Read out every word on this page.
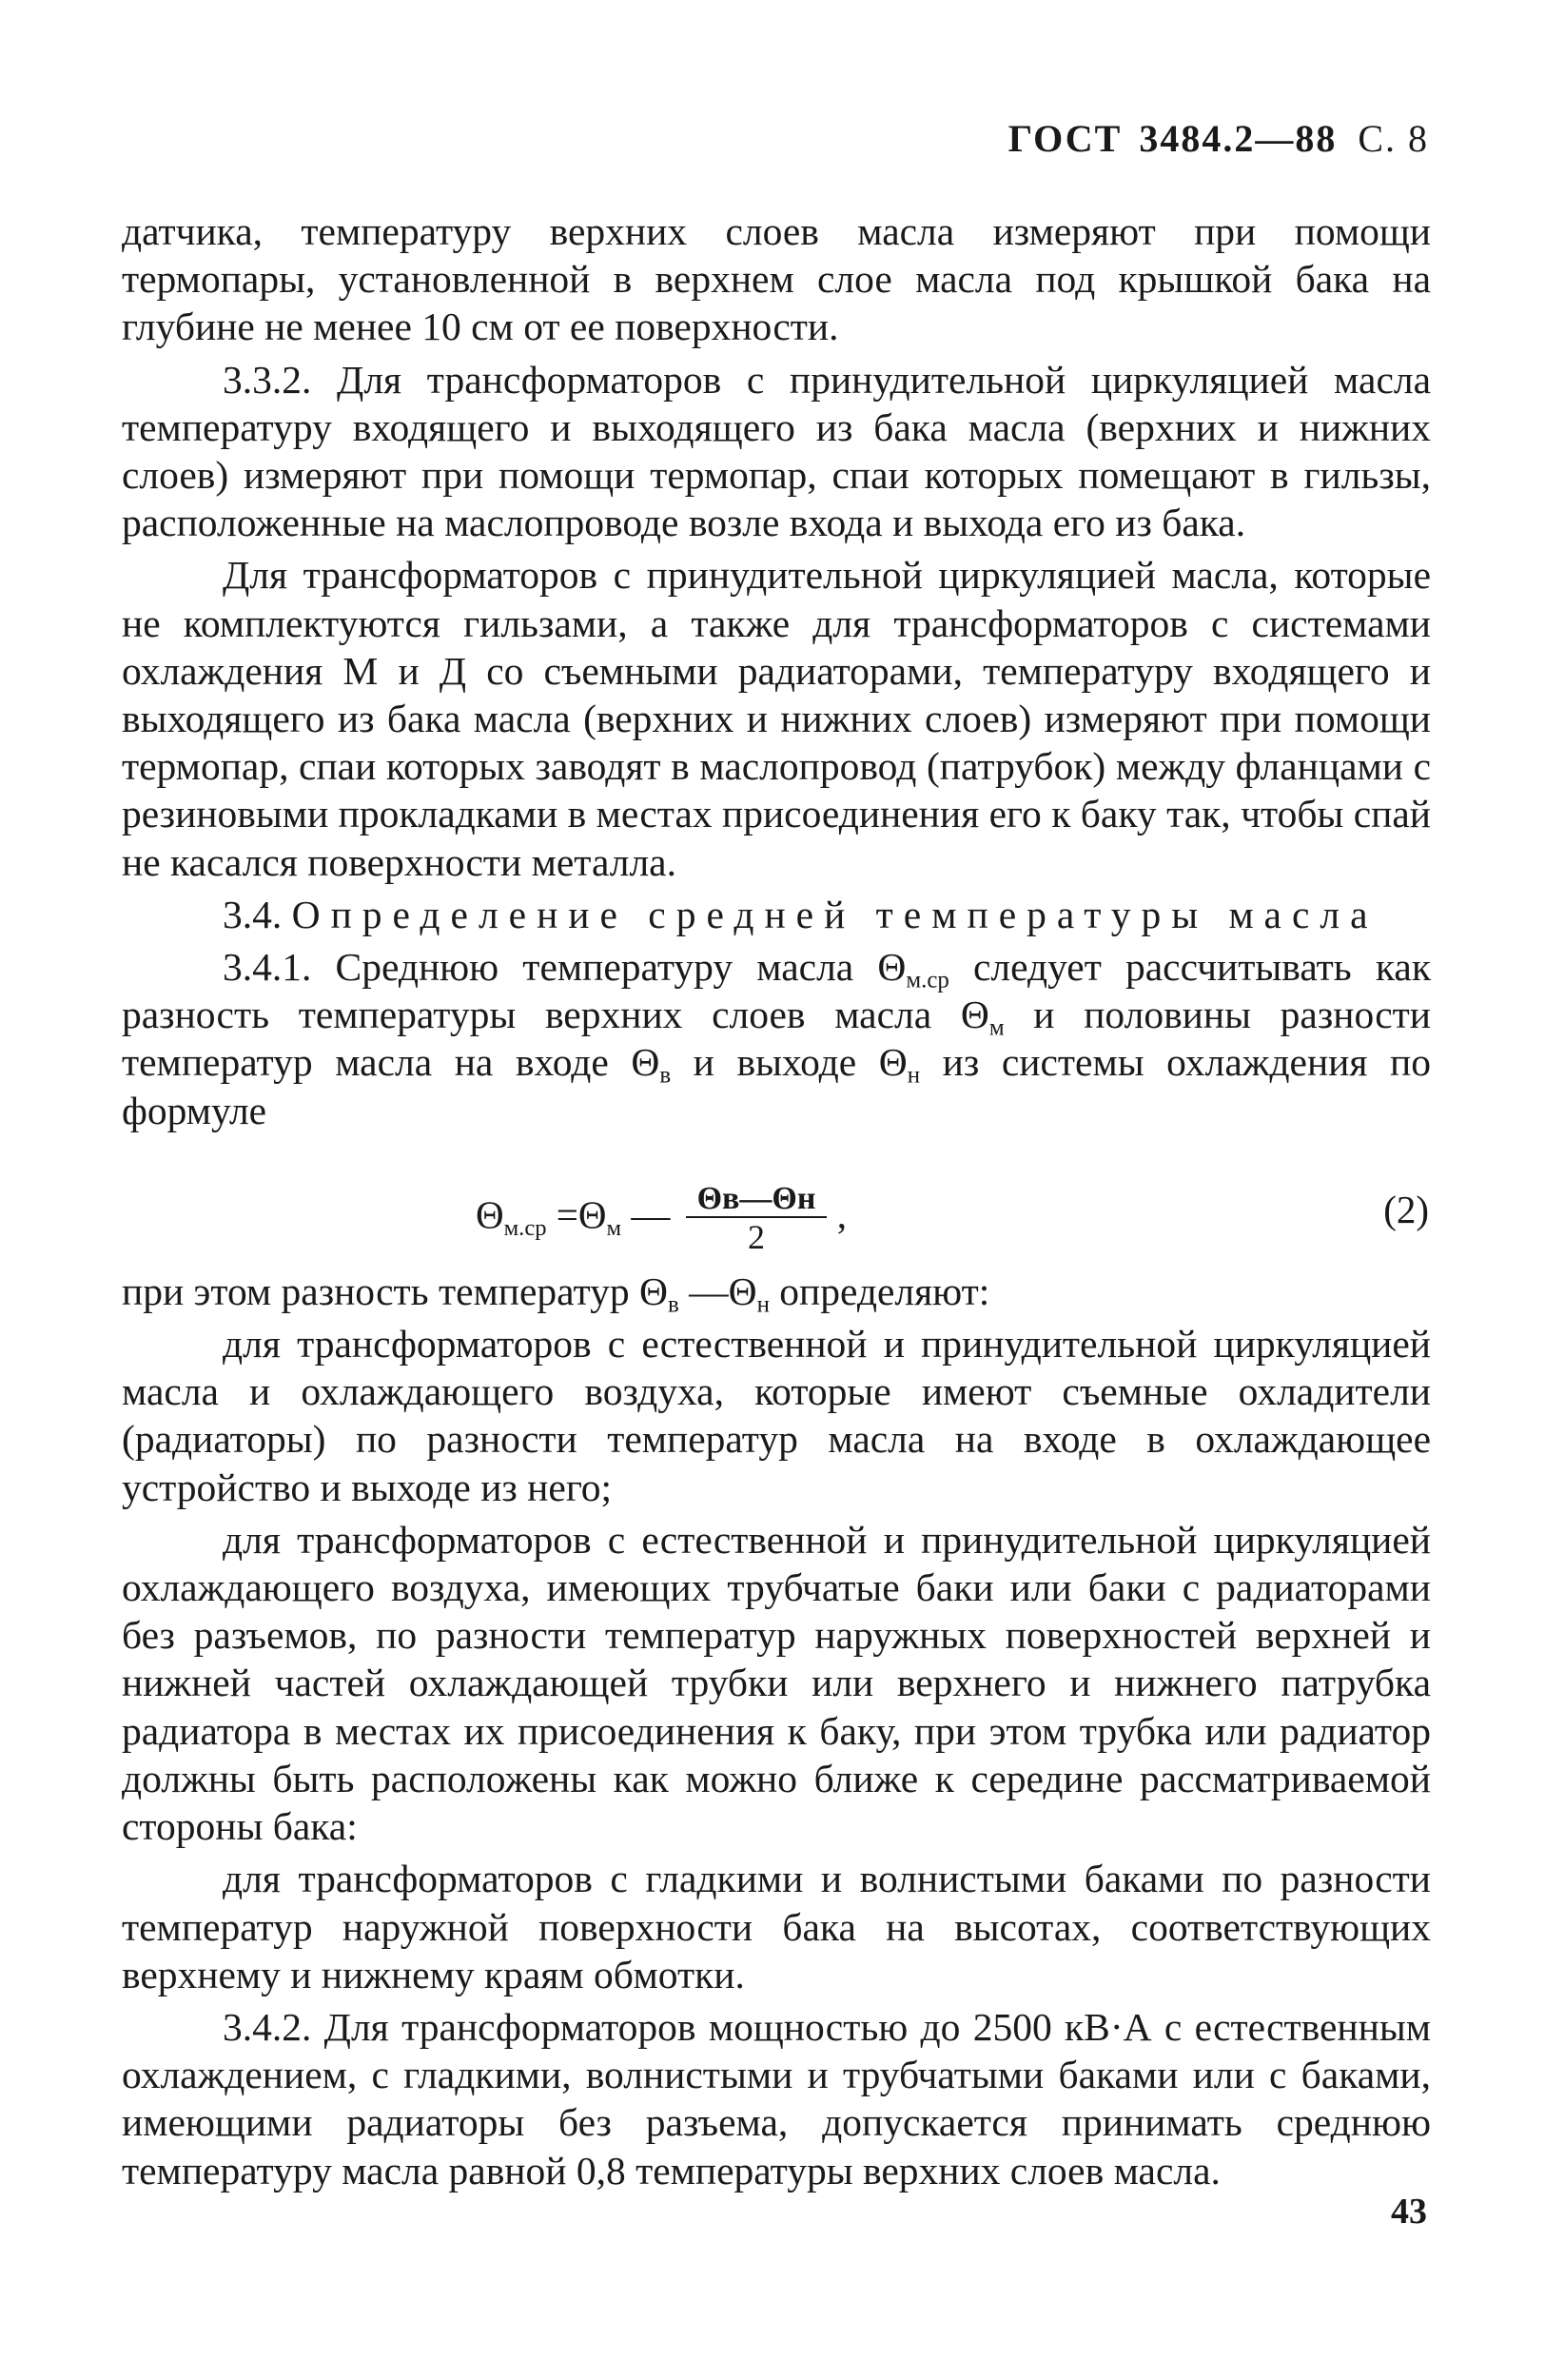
ГОСТ 3484.2—88 С. 8

датчика, температуру верхних слоев масла измеряют при помощи термопары, установленной в верхнем слое масла под крышкой бака на глубине не менее 10 см от ее поверхности.

3.3.2. Для трансформаторов с принудительной циркуляцией масла температуру входящего и выходящего из бака масла (верхних и нижних слоев) измеряют при помощи термопар, спаи которых помещают в гильзы, расположенные на маслопроводе возле входа и выхода его из бака.

Для трансформаторов с принудительной циркуляцией масла, которые не комплектуются гильзами, а также для трансформаторов с системами охлаждения М и Д со съемными радиаторами, температуру входящего и выходящего из бака масла (верхних и нижних слоев) измеряют при помощи термопар, спаи которых заводят в маслопровод (патрубок) между фланцами с резиновыми прокладками в местах присоединения его к баку так, чтобы спай не касался поверхности металла.

3.4. Определение средней температуры масла

3.4.1. Среднюю температуру масла $\Theta_{м.ср}$ следует рассчитывать как разность температуры верхних слоев масла $\Theta_м$ и половины разности температур масла на входе $\Theta_в$ и выходе $\Theta_н$ из системы охлаждения по формуле

$\Theta_{м.ср} =\Theta_м$ — $\frac{\Theta в—\Theta н}{2}$ ,	(2)

при этом разность температур $\Theta_в$ $—\Theta_н$ определяют:

для трансформаторов с естественной и принудительной циркуляцией масла и охлаждающего воздуха, которые имеют съемные охладители (радиаторы) по разности температур масла на входе в охлаждающее устройство и выходе из него;

для трансформаторов с естественной и принудительной циркуляцией охлаждающего воздуха, имеющих трубчатые баки или баки с радиаторами без разъемов, по разности температур наружных поверхностей верхней и нижней частей охлаждающей трубки или верхнего и нижнего патрубка радиатора в местах их присоединения к баку, при этом трубка или радиатор должны быть расположены как можно ближе к середине рассматриваемой стороны бака:

для трансформаторов с гладкими и волнистыми баками по разности температур наружной поверхности бака на высотах, соответствующих верхнему и нижнему краям обмотки.

3.4.2. Для трансформаторов мощностью до 2500 кВ·А с естественным охлаждением, с гладкими, волнистыми и трубчатыми баками или с баками, имеющими радиаторы без разъема, допускается принимать среднюю температуру масла равной 0,8 температуры верхних слоев масла.

43
